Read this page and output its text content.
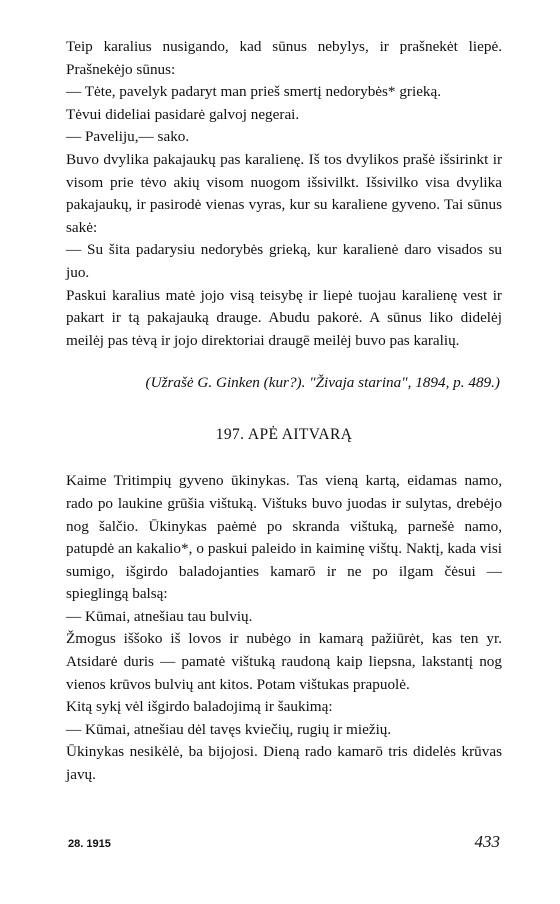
Teip karalius nusigando, kad sūnus nebylys, ir prašnekėt liepė. Prašnekėjo sūnus:

— Tėte, pavelyk padaryt man prieš smertį nedorybės* grieką.

Tėvui dideliai pasidarė galvoj negerai.

— Paveliju,— sako.

Buvo dvylika pakajaukų pas karalienę. Iš tos dvylikos prašė išsirinkt ir visom prie tėvo akių visom nuogom išsivilkt. Išsivilko visa dvylika pakajaukų, ir pasirodė vienas vyras, kur su karaliene gyveno. Tai sūnus sakė:

— Su šita padarysiu nedorybės grieką, kur karalienė daro visados su juo.

Paskui karalius matė jojo visą teisybę ir liepė tuojau karalienę vest ir pakart ir tą pakajauką drauge. Abudu pakorė. A sūnus liko didelėj meilėj pas tėvą ir jojo direktoriai draugē meilėj buvo pas karalių.

(Užrašė G. Ginken (kur?). "Živaja starina", 1894, p. 489.)

197. APĖ AITVARĄ

Kaime Tritimpių gyveno ūkinykas. Tas vieną kartą, eidamas namo, rado po laukine grūšia vištuką. Vištuks buvo juodas ir sulytas, drebėjo nog šalčio. Ūkinykas paėmė po skranda vištuką, parnešė namo, patupdė an kakalio*, o paskui paleido in kaiminę vištų. Naktį, kada visi sumigo, išgirdo baladojanties kamarō ir ne po ilgam čėsui — spieglingą balsą:

— Kūmai, atnešiau tau bulvių.

Žmogus iššoko iš lovos ir nubėgo in kamarą pažiūrėt, kas ten yr. Atsidarė duris — pamatė vištuką raudoną kaip liepsna, lakstantį nog vienos krūvos bulvių ant kitos. Potam vištukas prapuolė.

Kitą sykį vėl išgirdo baladojimą ir šaukimą:

— Kūmai, atnešiau dėl tavęs kviečių, rugių ir miežių.

Ūkinykas nesikėlė, ba bijojosi. Dieną rado kamarō tris didelės krūvas javų.

28. 1915	433
